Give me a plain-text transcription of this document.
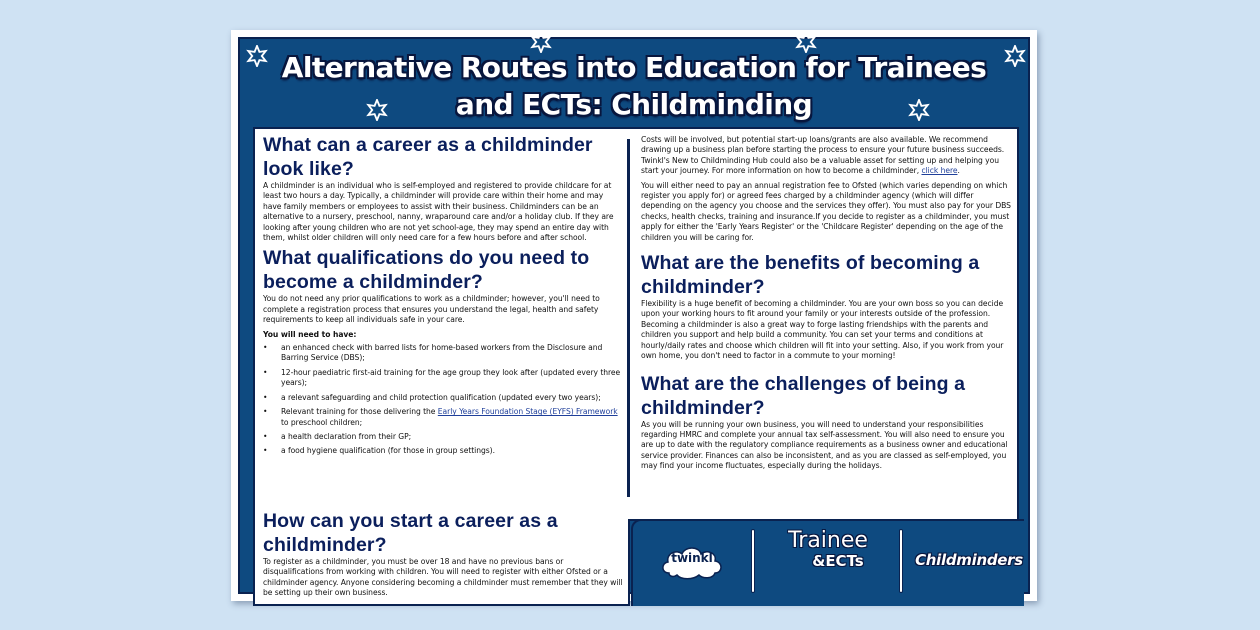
Alternative Routes into Education for Trainees
and ECTs: Childminding
What can a career as a childminder look like?

A childminder is an individual who is self-employed and registered to provide childcare for at least two hours a day. Typically, a childminder will provide care within their home and may have family members or employees to assist with their business. Childminders can be an alternative to a nursery, preschool, nanny, wraparound care and/or a holiday club. If they are looking after young children who are not yet school-age, they may spend an entire day with them, whilst older children will only need care for a few hours before and after school.

What qualifications do you need to become a childminder?

You do not need any prior qualifications to work as a childminder; however, you'll need to complete a registration process that ensures you understand the legal, health and safety requirements to keep all individuals safe in your care.

You will need to have:

• an enhanced check with barred lists for home-based workers from the Disclosure and Barring Service (DBS);
• 12-hour paediatric first-aid training for the age group they look after (updated every three years);
• a relevant safeguarding and child protection qualification (updated every two years);
• Relevant training for those delivering the Early Years Foundation Stage (EYFS) Framework to preschool children;
• a health declaration from their GP;
• a food hygiene qualification (for those in group settings).

Costs will be involved, but potential start-up loans/grants are also available. We recommend drawing up a business plan before starting the process to ensure your future business succeeds. Twinkl's New to Childminding Hub could also be a valuable asset for setting up and helping you start your journey. For more information on how to become a childminder, click here.

You will either need to pay an annual registration fee to Ofsted (which varies depending on which register you apply for) or agreed fees charged by a childminder agency (which will differ depending on the agency you choose and the services they offer). You must also pay for your DBS checks, health checks, training and insurance.If you decide to register as a childminder, you must apply for either the 'Early Years Register' or the 'Childcare Register' depending on the age of the children you will be caring for.

What are the benefits of becoming a childminder?

Flexibility is a huge benefit of becoming a childminder. You are your own boss so you can decide upon your working hours to fit around your family or your interests outside of the profession. Becoming a childminder is also a great way to forge lasting friendships with the parents and children you support and help build a community. You can set your terms and conditions at hourly/daily rates and choose which children will fit into your setting. Also, if you work from your own home, you don't need to factor in a commute to your morning!

What are the challenges of being a childminder?

As you will be running your own business, you will need to understand your responsibilities regarding HMRC and complete your annual tax self-assessment. You will also need to ensure you are up to date with the regulatory compliance requirements as a business owner and educational service provider. Finances can also be inconsistent, and as you are classed as self-employed, you may find your income fluctuates, especially during the holidays.

How can you start a career as a childminder?

To register as a childminder, you must be over 18 and have no previous bans or disqualifications from working with children. You will need to register with either Ofsted or a childminder agency. Anyone considering becoming a childminder must remember that they will be setting up their own business.

twinkl
Trainee
&ECTs	Childminders
